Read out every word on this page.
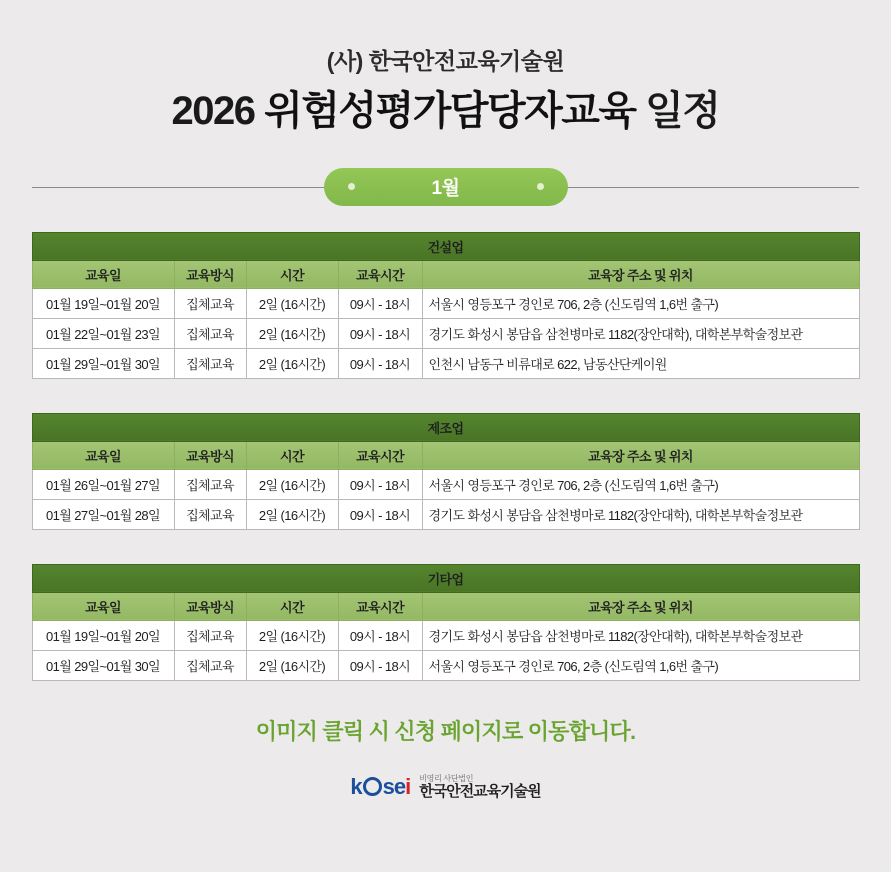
(사) 한국안전교육기술원
2026 위험성평가담당자교육 일정
1월
건설업				
교육일	교육방식	시간	교육시간	교육장 주소 및 위치
01월 19일~01월 20일	집체교육	2일 (16시간)	09시 - 18시	서울시 영등포구 경인로 706, 2층 (신도림역 1,6번 출구)
01월 22일~01월 23일	집체교육	2일 (16시간)	09시 - 18시	경기도 화성시 봉담읍 삼천병마로 1182(장안대학), 대학본부학술정보관
01월 29일~01월 30일	집체교육	2일 (16시간)	09시 - 18시	인천시 남동구 비류대로 622, 남동산단케이원
제조업				
교육일	교육방식	시간	교육시간	교육장 주소 및 위치
01월 26일~01월 27일	집체교육	2일 (16시간)	09시 - 18시	서울시 영등포구 경인로 706, 2층 (신도림역 1,6번 출구)
01월 27일~01월 28일	집체교육	2일 (16시간)	09시 - 18시	경기도 화성시 봉담읍 삼천병마로 1182(장안대학), 대학본부학술정보관
기타업				
교육일	교육방식	시간	교육시간	교육장 주소 및 위치
01월 19일~01월 20일	집체교육	2일 (16시간)	09시 - 18시	경기도 화성시 봉담읍 삼천병마로 1182(장안대학), 대학본부학술정보관
01월 29일~01월 30일	집체교육	2일 (16시간)	09시 - 18시	서울시 영등포구 경인로 706, 2층 (신도림역 1,6번 출구)
이미지 클릭 시 신청 페이지로 이동합니다.
k se i 비영리 사단법인
한국안전교육기술원
